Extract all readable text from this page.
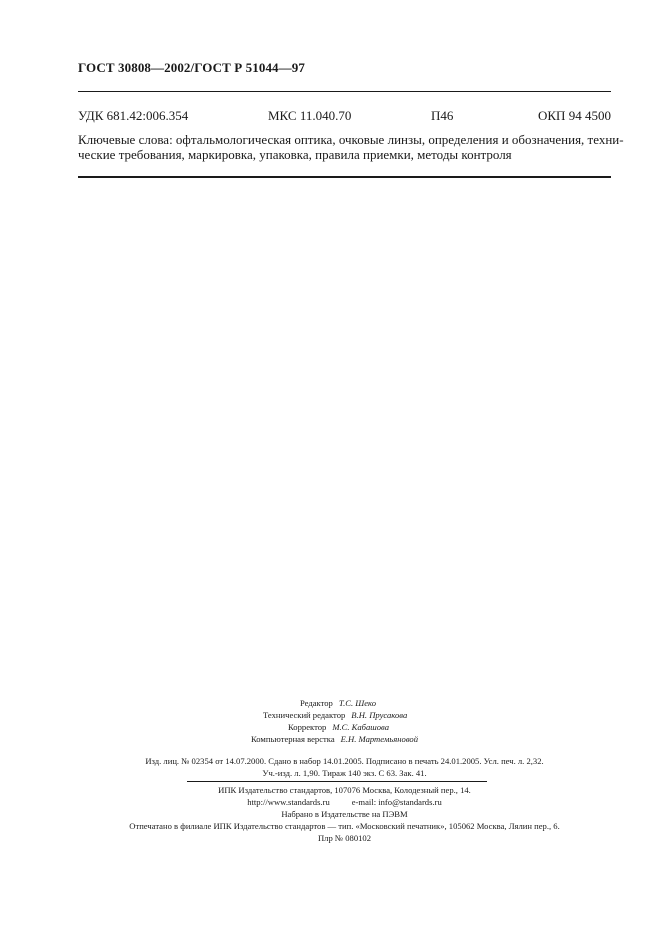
ГОСТ 30808—2002/ГОСТ Р 51044—97
УДК 681.42:006.354	МКС 11.040.70	П46	ОКП 94 4500
Ключевые слова: офтальмологическая оптика, очковые линзы, определения и обозначения, техни-
ческие требования, маркировка, упаковка, правила приемки, методы контроля
Редактор Т.С. Шеко
Технический редактор В.Н. Прусакова
Корректор М.С. Кабашова
Компьютерная верстка Е.Н. Мартемьяновой
Изд. лиц. № 02354 от 14.07.2000. Сдано в набор 14.01.2005. Подписано в печать 24.01.2005. Усл. печ. л. 2,32.
Уч.-изд. л. 1,90. Тираж 140 экз. С 63. Зак. 41.
ИПК Издательство стандартов, 107076 Москва, Колодезный пер., 14.
http://www.standards.ru	e-mail: info@standards.ru
Набрано в Издательстве на ПЭВМ
Отпечатано в филиале ИПК Издательство стандартов — тип. «Московский печатник», 105062 Москва, Лялин пер., 6.
Плр № 080102
